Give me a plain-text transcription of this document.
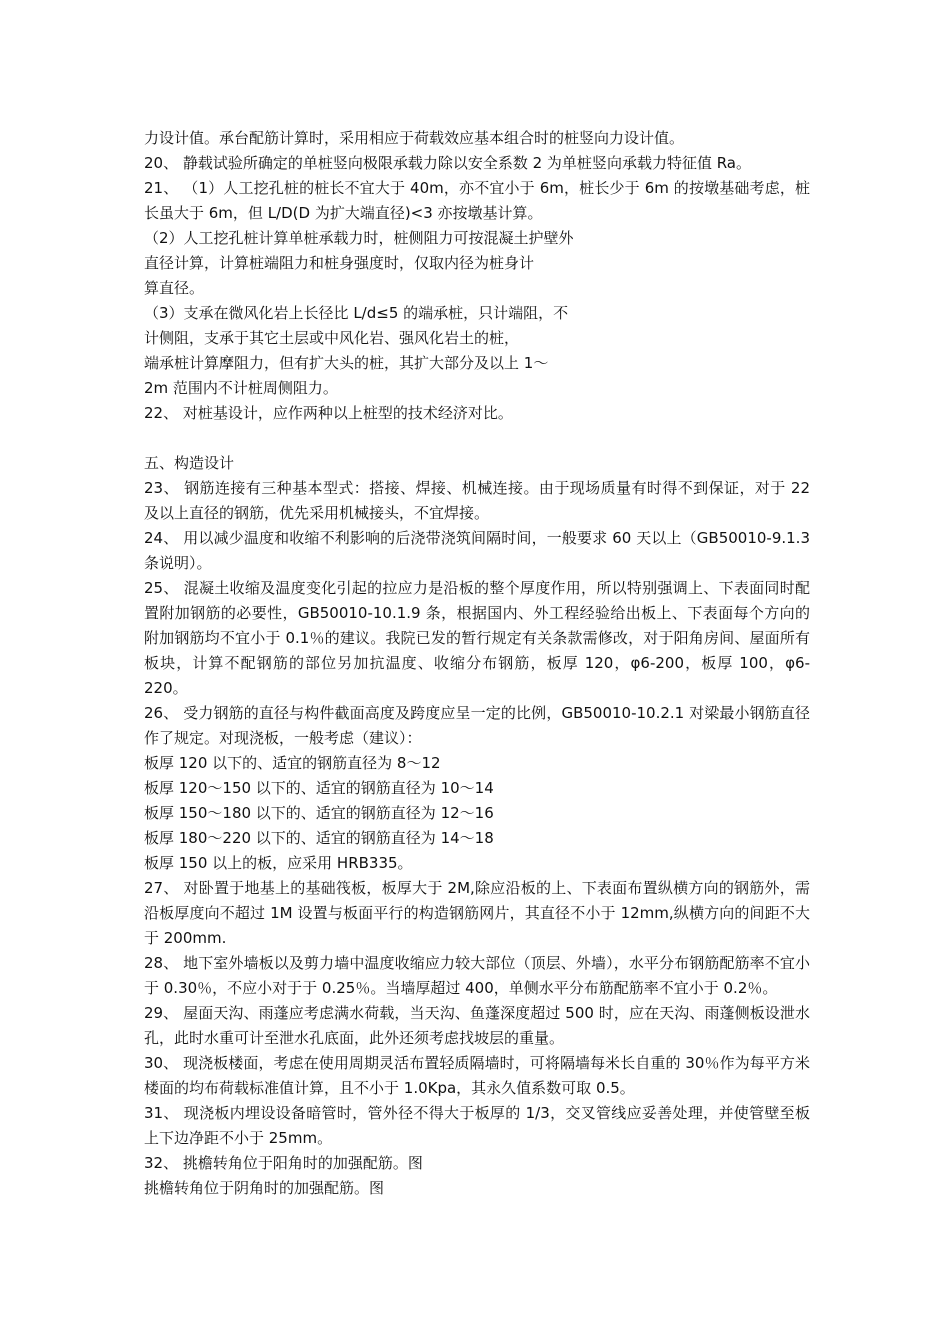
力设计值。承台配筋计算时，采用相应于荷载效应基本组合时的桩竖向力设计值。

20、 静载试验所确定的单桩竖向极限承载力除以安全系数 2 为单桩竖向承载力特征值 Ra。

21、 （1）人工挖孔桩的桩长不宜大于 40m，亦不宜小于 6m，桩长少于 6m 的按墩基础考虑，桩长虽大于 6m，但 L/D(D 为扩大端直径)<3 亦按墩基计算。

（2）人工挖孔桩计算单桩承载力时，桩侧阻力可按混凝土护壁外

直径计算，计算桩端阻力和桩身强度时，仅取内径为桩身计

算直径。

（3）支承在微风化岩上长径比 L/d≤5 的端承桩，只计端阻，不

计侧阻，支承于其它土层或中风化岩、强风化岩土的桩，

端承桩计算摩阻力，但有扩大头的桩，其扩大部分及以上 1～

2m 范围内不计桩周侧阻力。

22、 对桩基设计，应作两种以上桩型的技术经济对比。

五、构造设计

23、 钢筋连接有三种基本型式：搭接、焊接、机械连接。由于现场质量有时得不到保证，对于 22 及以上直径的钢筋，优先采用机械接头，不宜焊接。

24、 用以减少温度和收缩不利影响的后浇带浇筑间隔时间，一般要求 60 天以上（GB50010-9.1.3 条说明）。

25、 混凝土收缩及温度变化引起的拉应力是沿板的整个厚度作用，所以特别强调上、下表面同时配置附加钢筋的必要性，GB50010-10.1.9 条，根据国内、外工程经验给出板上、下表面每个方向的附加钢筋均不宜小于 0.1％的建议。我院已发的暂行规定有关条款需修改，对于阳角房间、屋面所有板块，计算不配钢筋的部位另加抗温度、收缩分布钢筋，板厚 120，φ6-200，板厚 100，φ6-220。

26、 受力钢筋的直径与构件截面高度及跨度应呈一定的比例，GB50010-10.2.1 对梁最小钢筋直径作了规定。对现浇板，一般考虑（建议）：

板厚 120 以下的、适宜的钢筋直径为 8～12

板厚 120～150 以下的、适宜的钢筋直径为 10～14

板厚 150～180 以下的、适宜的钢筋直径为 12～16

板厚 180～220 以下的、适宜的钢筋直径为 14～18

板厚 150 以上的板，应采用 HRB335。

27、 对卧置于地基上的基础筏板，板厚大于 2M,除应沿板的上、下表面布置纵横方向的钢筋外，需沿板厚度向不超过 1M 设置与板面平行的构造钢筋网片，其直径不小于 12mm,纵横方向的间距不大于 200mm.

28、 地下室外墙板以及剪力墙中温度收缩应力较大部位（顶层、外墙），水平分布钢筋配筋率不宜小于 0.30％，不应小对于于 0.25％。当墙厚超过 400，单侧水平分布筋配筋率不宜小于 0.2％。

29、 屋面天沟、雨蓬应考虑满水荷载，当天沟、鱼蓬深度超过 500 时，应在天沟、雨蓬侧板设泄水孔，此时水重可计至泄水孔底面，此外还须考虑找坡层的重量。

30、 现浇板楼面，考虑在使用周期灵活布置轻质隔墙时，可将隔墙每米长自重的 30％作为每平方米楼面的均布荷载标准值计算，且不小于 1.0Kpa，其永久值系数可取 0.5。

31、 现浇板内埋设设备暗管时，管外径不得大于板厚的 1/3，交叉管线应妥善处理，并使管壁至板上下边净距不小于 25mm。

32、 挑檐转角位于阳角时的加强配筋。图

挑檐转角位于阴角时的加强配筋。图
